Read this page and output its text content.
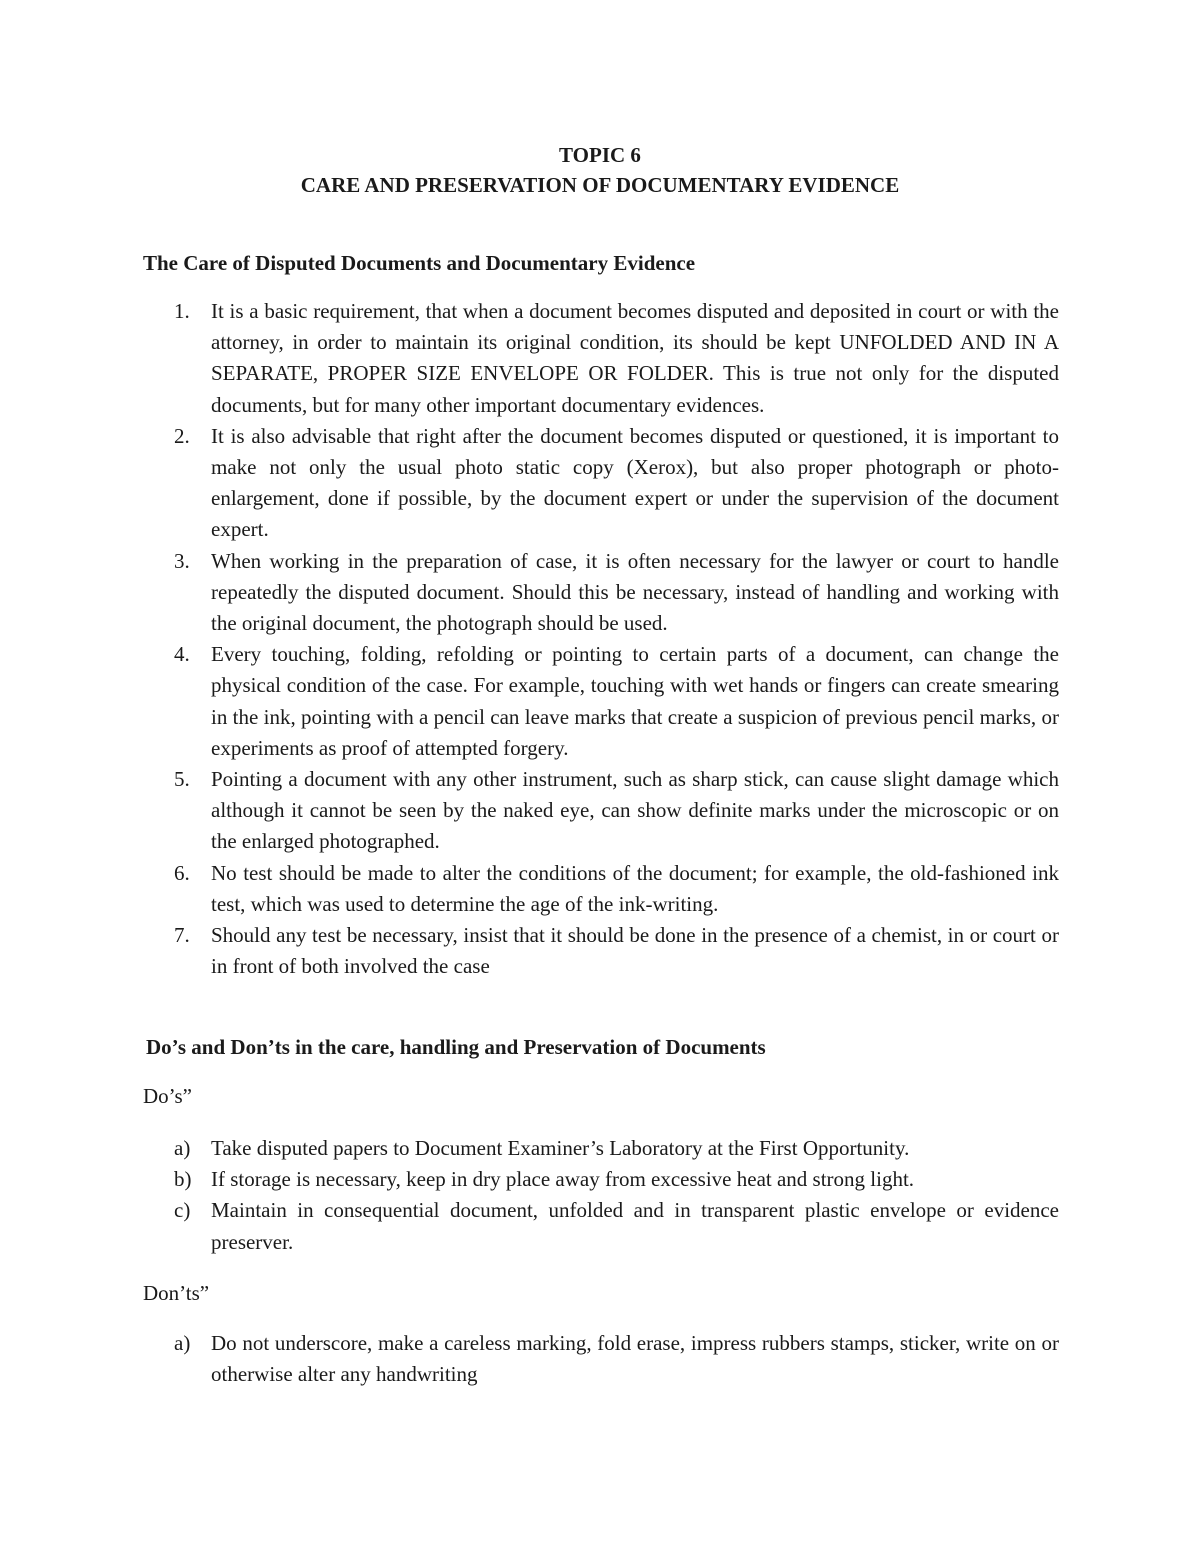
TOPIC 6
CARE AND PRESERVATION OF DOCUMENTARY EVIDENCE
The Care of Disputed Documents and Documentary Evidence
1. It is a basic requirement, that when a document becomes disputed and deposited in court or with the attorney, in order to maintain its original condition, its should be kept UNFOLDED AND IN A SEPARATE, PROPER SIZE ENVELOPE OR FOLDER. This is true not only for the disputed documents, but for many other important documentary evidences.
2. It is also advisable that right after the document becomes disputed or questioned, it is important to make not only the usual photo static copy (Xerox), but also proper photograph or photo-enlargement, done if possible, by the document expert or under the supervision of the document expert.
3. When working in the preparation of case, it is often necessary for the lawyer or court to handle repeatedly the disputed document. Should this be necessary, instead of handling and working with the original document, the photograph should be used.
4. Every touching, folding, refolding or pointing to certain parts of a document, can change the physical condition of the case. For example, touching with wet hands or fingers can create smearing in the ink, pointing with a pencil can leave marks that create a suspicion of previous pencil marks, or experiments as proof of attempted forgery.
5. Pointing a document with any other instrument, such as sharp stick, can cause slight damage which although it cannot be seen by the naked eye, can show definite marks under the microscopic or on the enlarged photographed.
6. No test should be made to alter the conditions of the document; for example, the old-fashioned ink test, which was used to determine the age of the ink-writing.
7. Should any test be necessary, insist that it should be done in the presence of a chemist, in or court or in front of both involved the case
Do’s and Don’ts in the care, handling and Preservation of Documents
Do’s”
a) Take disputed papers to Document Examiner’s Laboratory at the First Opportunity.
b) If storage is necessary, keep in dry place away from excessive heat and strong light.
c) Maintain in consequential document, unfolded and in transparent plastic envelope or evidence preserver.
Don’ts”
a) Do not underscore, make a careless marking, fold erase, impress rubbers stamps, sticker, write on or otherwise alter any handwriting
